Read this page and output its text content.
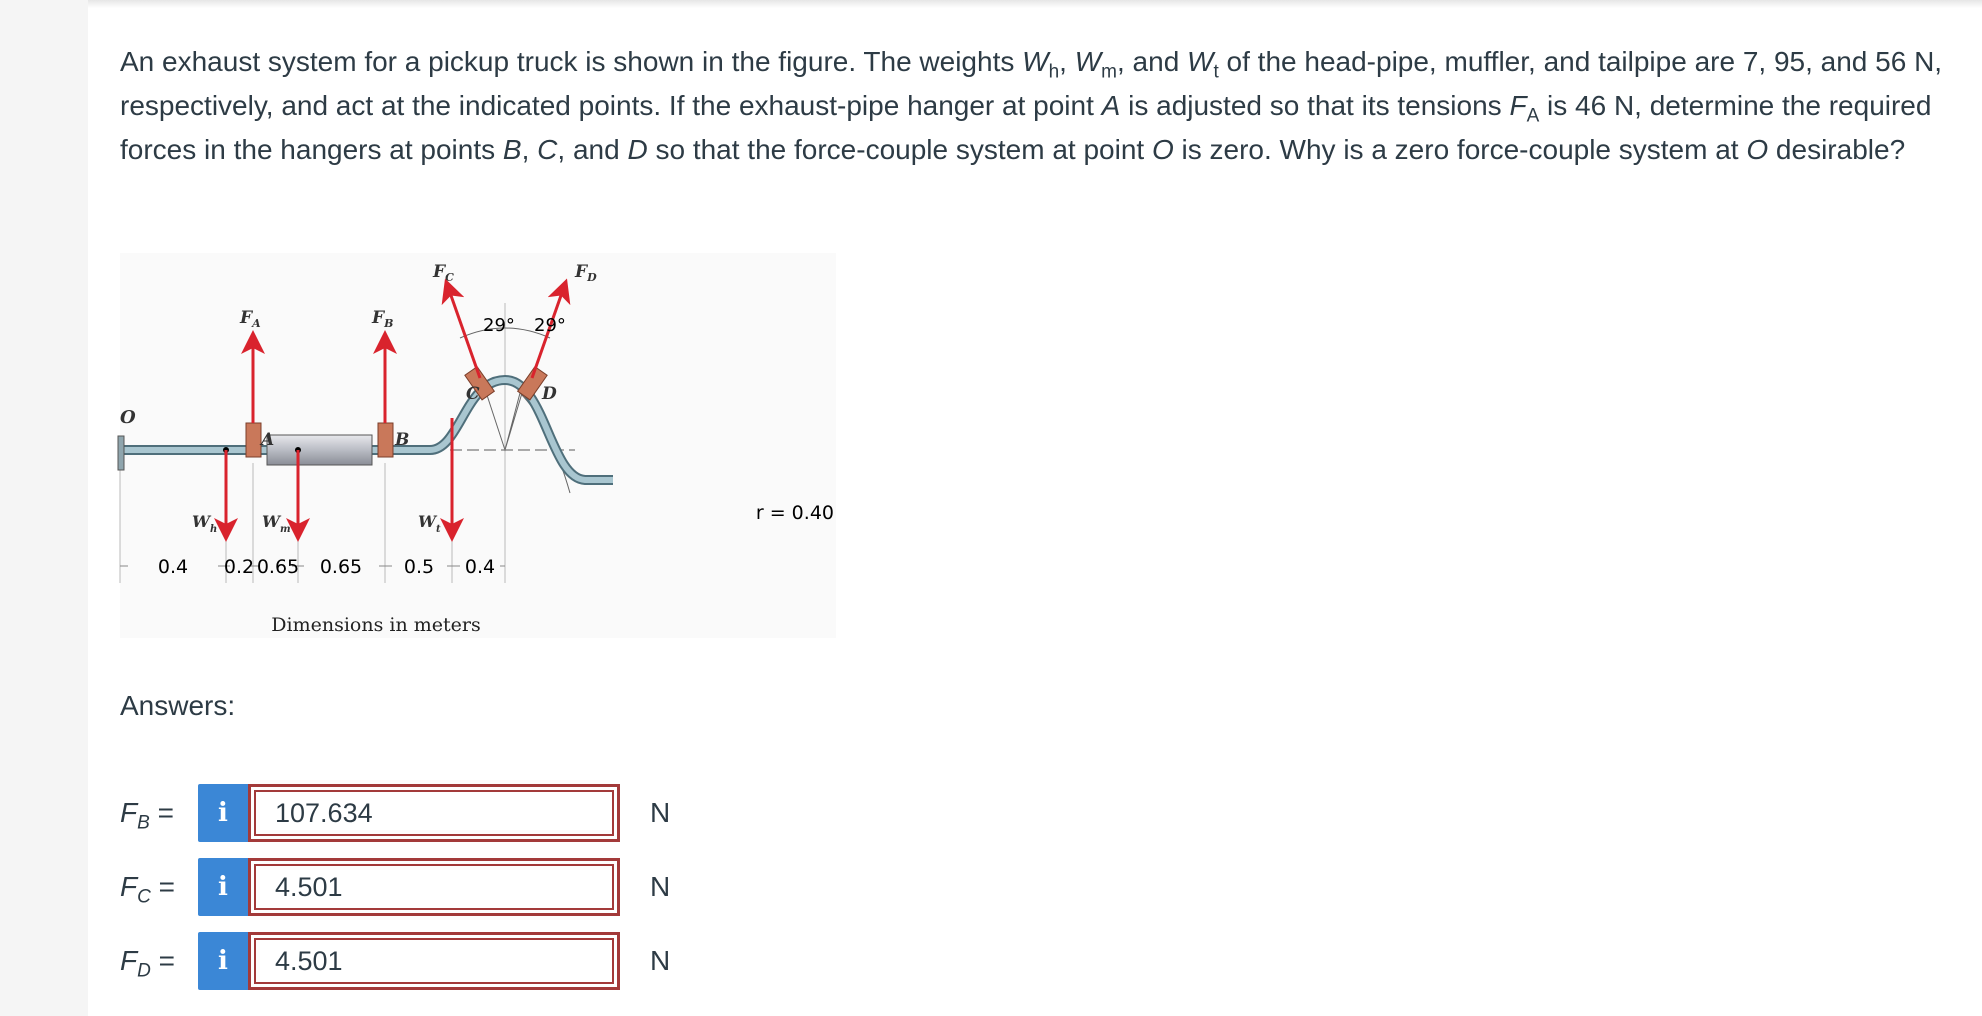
An exhaust system for a pickup truck is shown in the figure. The weights $W_h$, $W_m$, and $W_t$ of the head-pipe, muffler, and tailpipe are 7, 95, and 56 N, respectively, and act at the indicated points. If the exhaust-pipe hanger at point A is adjusted so that its tensions $F_A$ is 46 N, determine the required forces in the hangers at points B, C, and D so that the force-couple system at point O is zero. Why is a zero force-couple system at O desirable?
O
A	B
C	D
$F_A$	$F_B$
$F_C$	$F_D$
$W_h$	$W_m$	$W_t$
29° 29°
r = 0.40
0.4 0.2 0.65 0.65 0.5 0.4
Dimensions in meters
Answers:
$F_B$ =	i	107.634	N
$F_C$ =	i	4.501	N
$F_D$ =	i	4.501	N
